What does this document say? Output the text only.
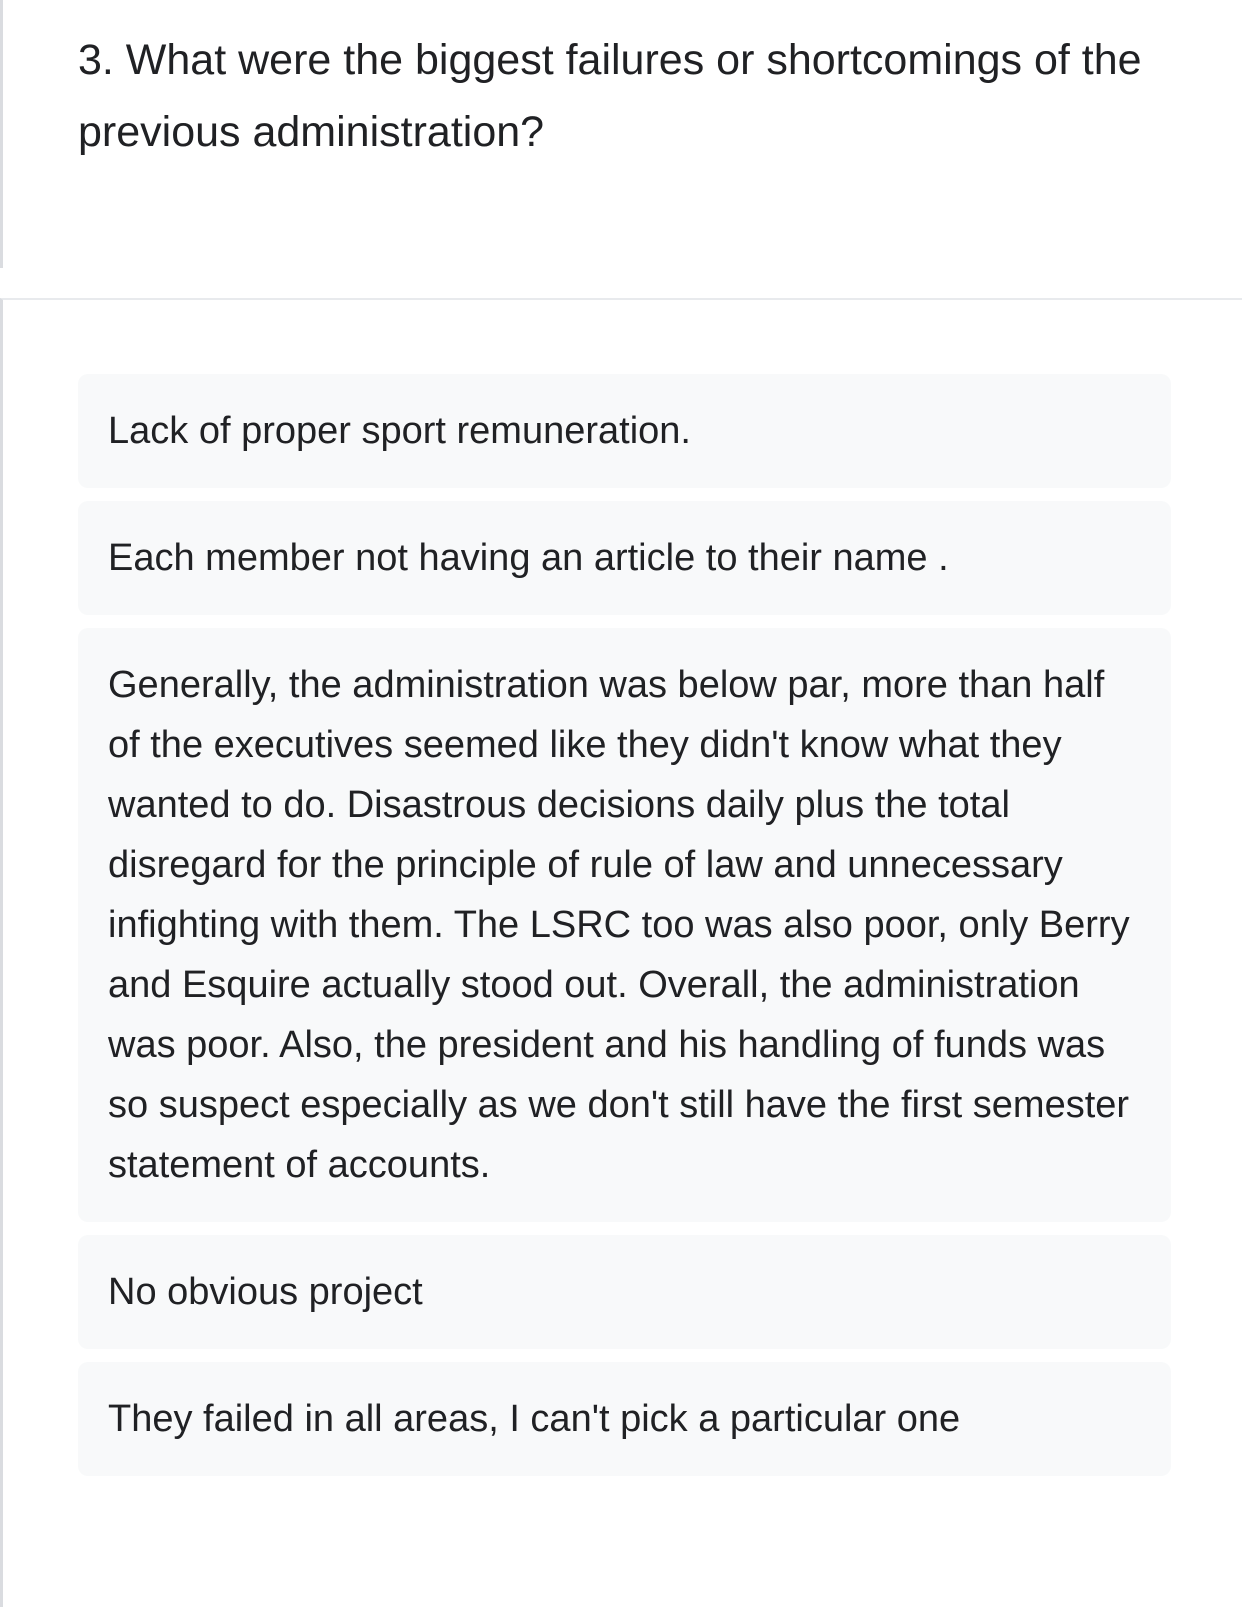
3. What were the biggest failures or shortcomings of the previous administration?
Lack of proper sport remuneration.
Each member not having an article to their name .
Generally, the administration was below par, more than half of the executives seemed like they didn't know what they wanted to do. Disastrous decisions daily plus the total disregard for the principle of rule of law and unnecessary infighting with them. The LSRC too was also poor, only Berry and Esquire actually stood out. Overall, the administration was poor. Also, the president and his handling of funds was so suspect especially as we don't still have the first semester statement of accounts.
No obvious project
They failed in all areas, I can't pick a particular one
